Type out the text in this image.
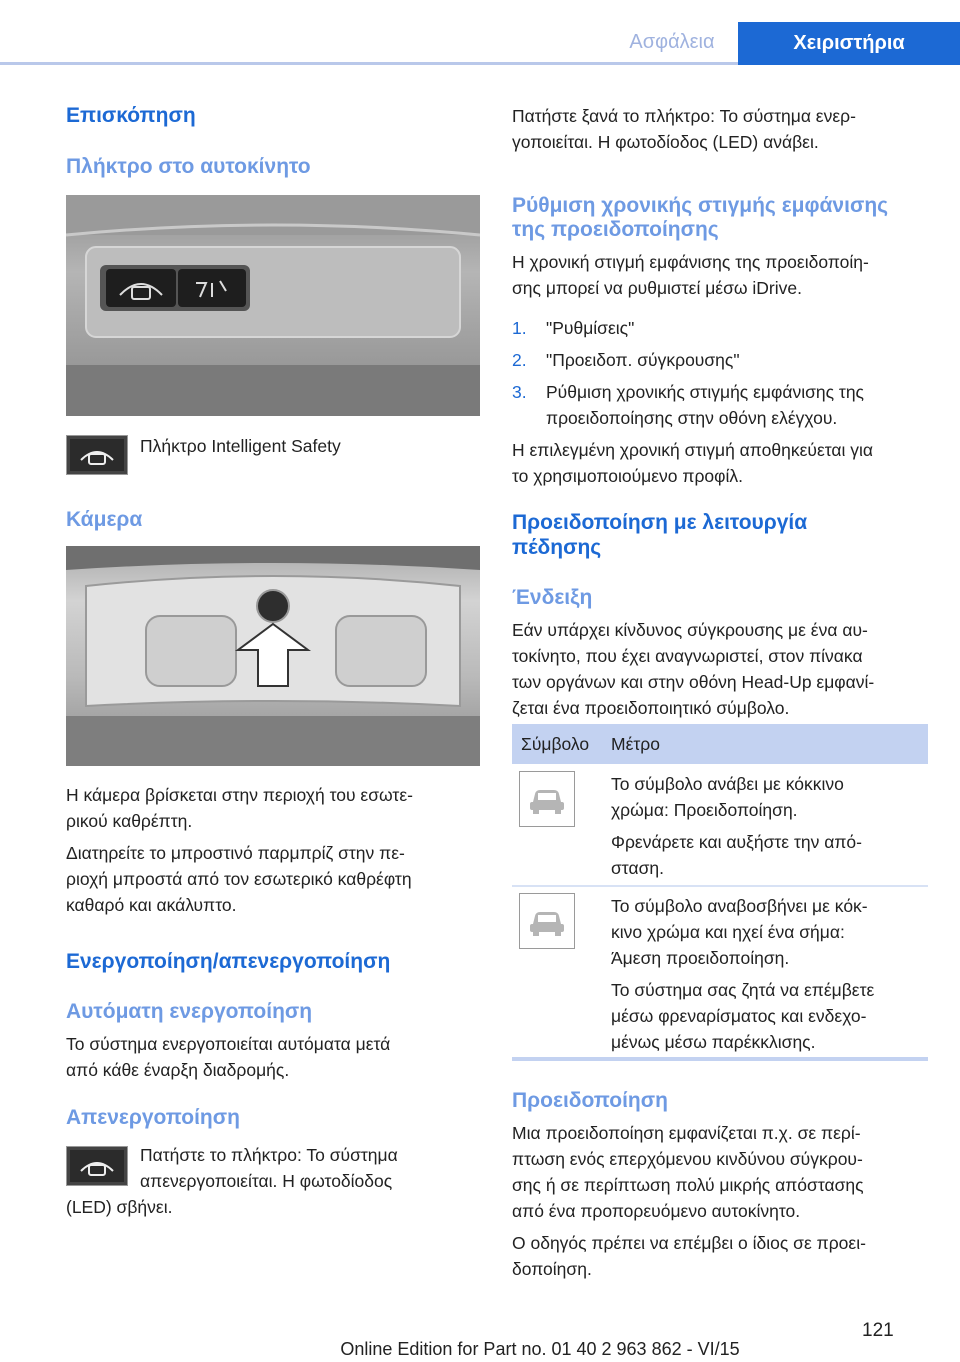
Ασφάλεια	Χειριστήρια
Επισκόπηση
Πλήκτρο στο αυτοκίνητο
Πλήκτρο Intelligent Safety
Κάμερα
Η κάμερα βρίσκεται στην περιοχή του εσωτε‐
ρικού καθρέπτη.
Διατηρείτε το μπροστινό παρμπρίζ στην πε‐
ριοχή μπροστά από τον εσωτερικό καθρέφτη
καθαρό και ακάλυπτο.
Ενεργοποίηση/απενεργοποίηση
Αυτόματη ενεργοποίηση
Το σύστημα ενεργοποιείται αυτόματα μετά
από κάθε έναρξη διαδρομής.
Απενεργοποίηση
Πατήστε το πλήκτρο: Το σύστημα
απενεργοποιείται. Η φωτοδίοδος
(LED) σβήνει.
Πατήστε ξανά το πλήκτρο: Το σύστημα ενερ‐
γοποιείται. Η φωτοδίοδος (LED) ανάβει.
Ρύθμιση χρονικής στιγμής εμφάνισης
της προειδοποίησης
Η χρονική στιγμή εμφάνισης της προειδοποίη‐
σης μπορεί να ρυθμιστεί μέσω iDrive.
1. "Ρυθμίσεις"
2. "Προειδοπ. σύγκρουσης"
3. Ρύθμιση χρονικής στιγμής εμφάνισης της
προειδοποίησης στην οθόνη ελέγχου.
Η επιλεγμένη χρονική στιγμή αποθηκεύεται για
το χρησιμοποιούμενο προφίλ.
Προειδοποίηση με λειτουργία
πέδησης
Ένδειξη
Εάν υπάρχει κίνδυνος σύγκρουσης με ένα αυ‐
τοκίνητο, που έχει αναγνωριστεί, στον πίνακα
των οργάνων και στην οθόνη Head-Up εμφανί‐
ζεται ένα προειδοποιητικό σύμβολο.
Σύμβολο Μέτρο
Το σύμβολο ανάβει με κόκκινο
χρώμα: Προειδοποίηση.
Φρενάρετε και αυξήστε την από‐
σταση.
Το σύμβολο αναβοσβήνει με κόκ‐
κινο χρώμα και ηχεί ένα σήμα:
Άμεση προειδοποίηση.
Το σύστημα σας ζητά να επέμβετε
μέσω φρεναρίσματος και ενδεχο‐
μένως μέσω παρέκκλισης.
Προειδοποίηση
Μια προειδοποίηση εμφανίζεται π.χ. σε περί‐
πτωση ενός επερχόμενου κινδύνου σύγκρου‐
σης ή σε περίπτωση πολύ μικρής απόστασης
από ένα προπορευόμενο αυτοκίνητο.
Ο οδηγός πρέπει να επέμβει ο ίδιος σε προει‐
δοποίηση.
121
Online Edition for Part no. 01 40 2 963 862 - VI/15
